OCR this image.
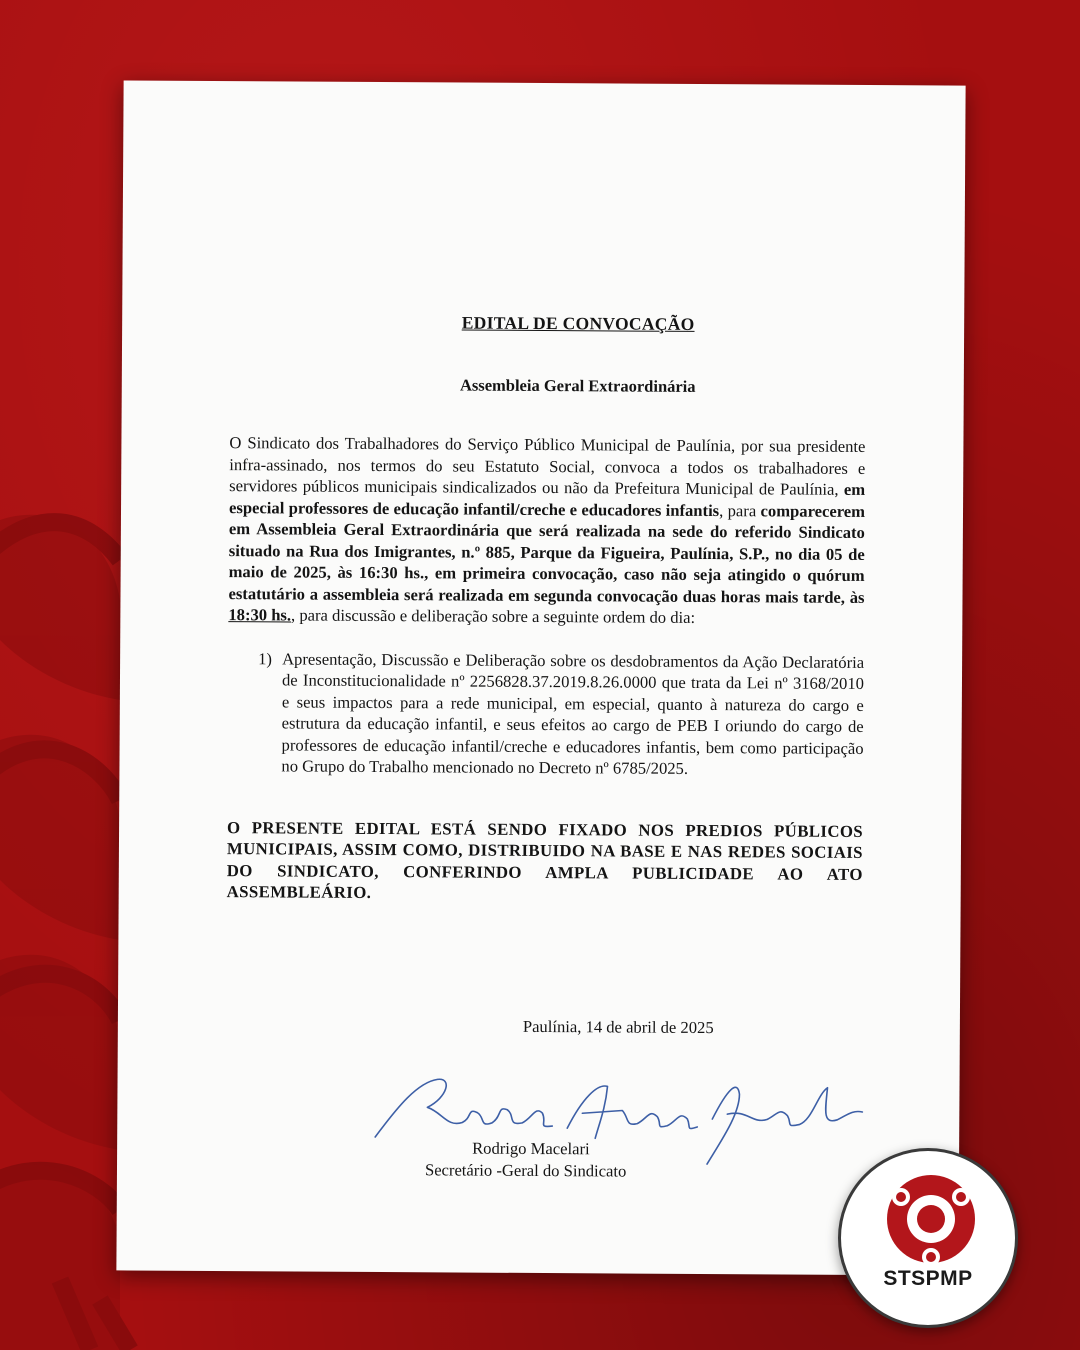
EDITAL DE CONVOCAÇÃO
Assembleia Geral Extraordinária
O Sindicato dos Trabalhadores do Serviço Público Municipal de Paulínia, por sua presidente infra-assinado, nos termos do seu Estatuto Social, convoca a todos os trabalhadores e servidores públicos municipais sindicalizados ou não da Prefeitura Municipal de Paulínia, em especial professores de educação infantil/creche e educadores infantis, para comparecerem em Assembleia Geral Extraordinária que será realizada na sede do referido Sindicato situado na Rua dos Imigrantes, n.º 885, Parque da Figueira, Paulínia, S.P., no dia 05 de maio de 2025, às 16:30 hs., em primeira convocação, caso não seja atingido o quórum estatutário a assembleia será realizada em segunda convocação duas horas mais tarde, às 18:30 hs., para discussão e deliberação sobre a seguinte ordem do dia:
1) Apresentação, Discussão e Deliberação sobre os desdobramentos da Ação Declaratória de Inconstitucionalidade nº 2256828.37.2019.8.26.0000 que trata da Lei nº 3168/2010 e seus impactos para a rede municipal, em especial, quanto à natureza do cargo e estrutura da educação infantil, e seus efeitos ao cargo de PEB I oriundo do cargo de professores de educação infantil/creche e educadores infantis, bem como participação no Grupo do Trabalho mencionado no Decreto nº 6785/2025.
O PRESENTE EDITAL ESTÁ SENDO FIXADO NOS PREDIOS PÚBLICOS MUNICIPAIS, ASSIM COMO, DISTRIBUIDO NA BASE E NAS REDES SOCIAIS DO SINDICATO, CONFERINDO AMPLA PUBLICIDADE AO ATO ASSEMBLEÁRIO.
Paulínia, 14 de abril de 2025
Rodrigo Macelari
Secretário -Geral do Sindicato
STSPMP
